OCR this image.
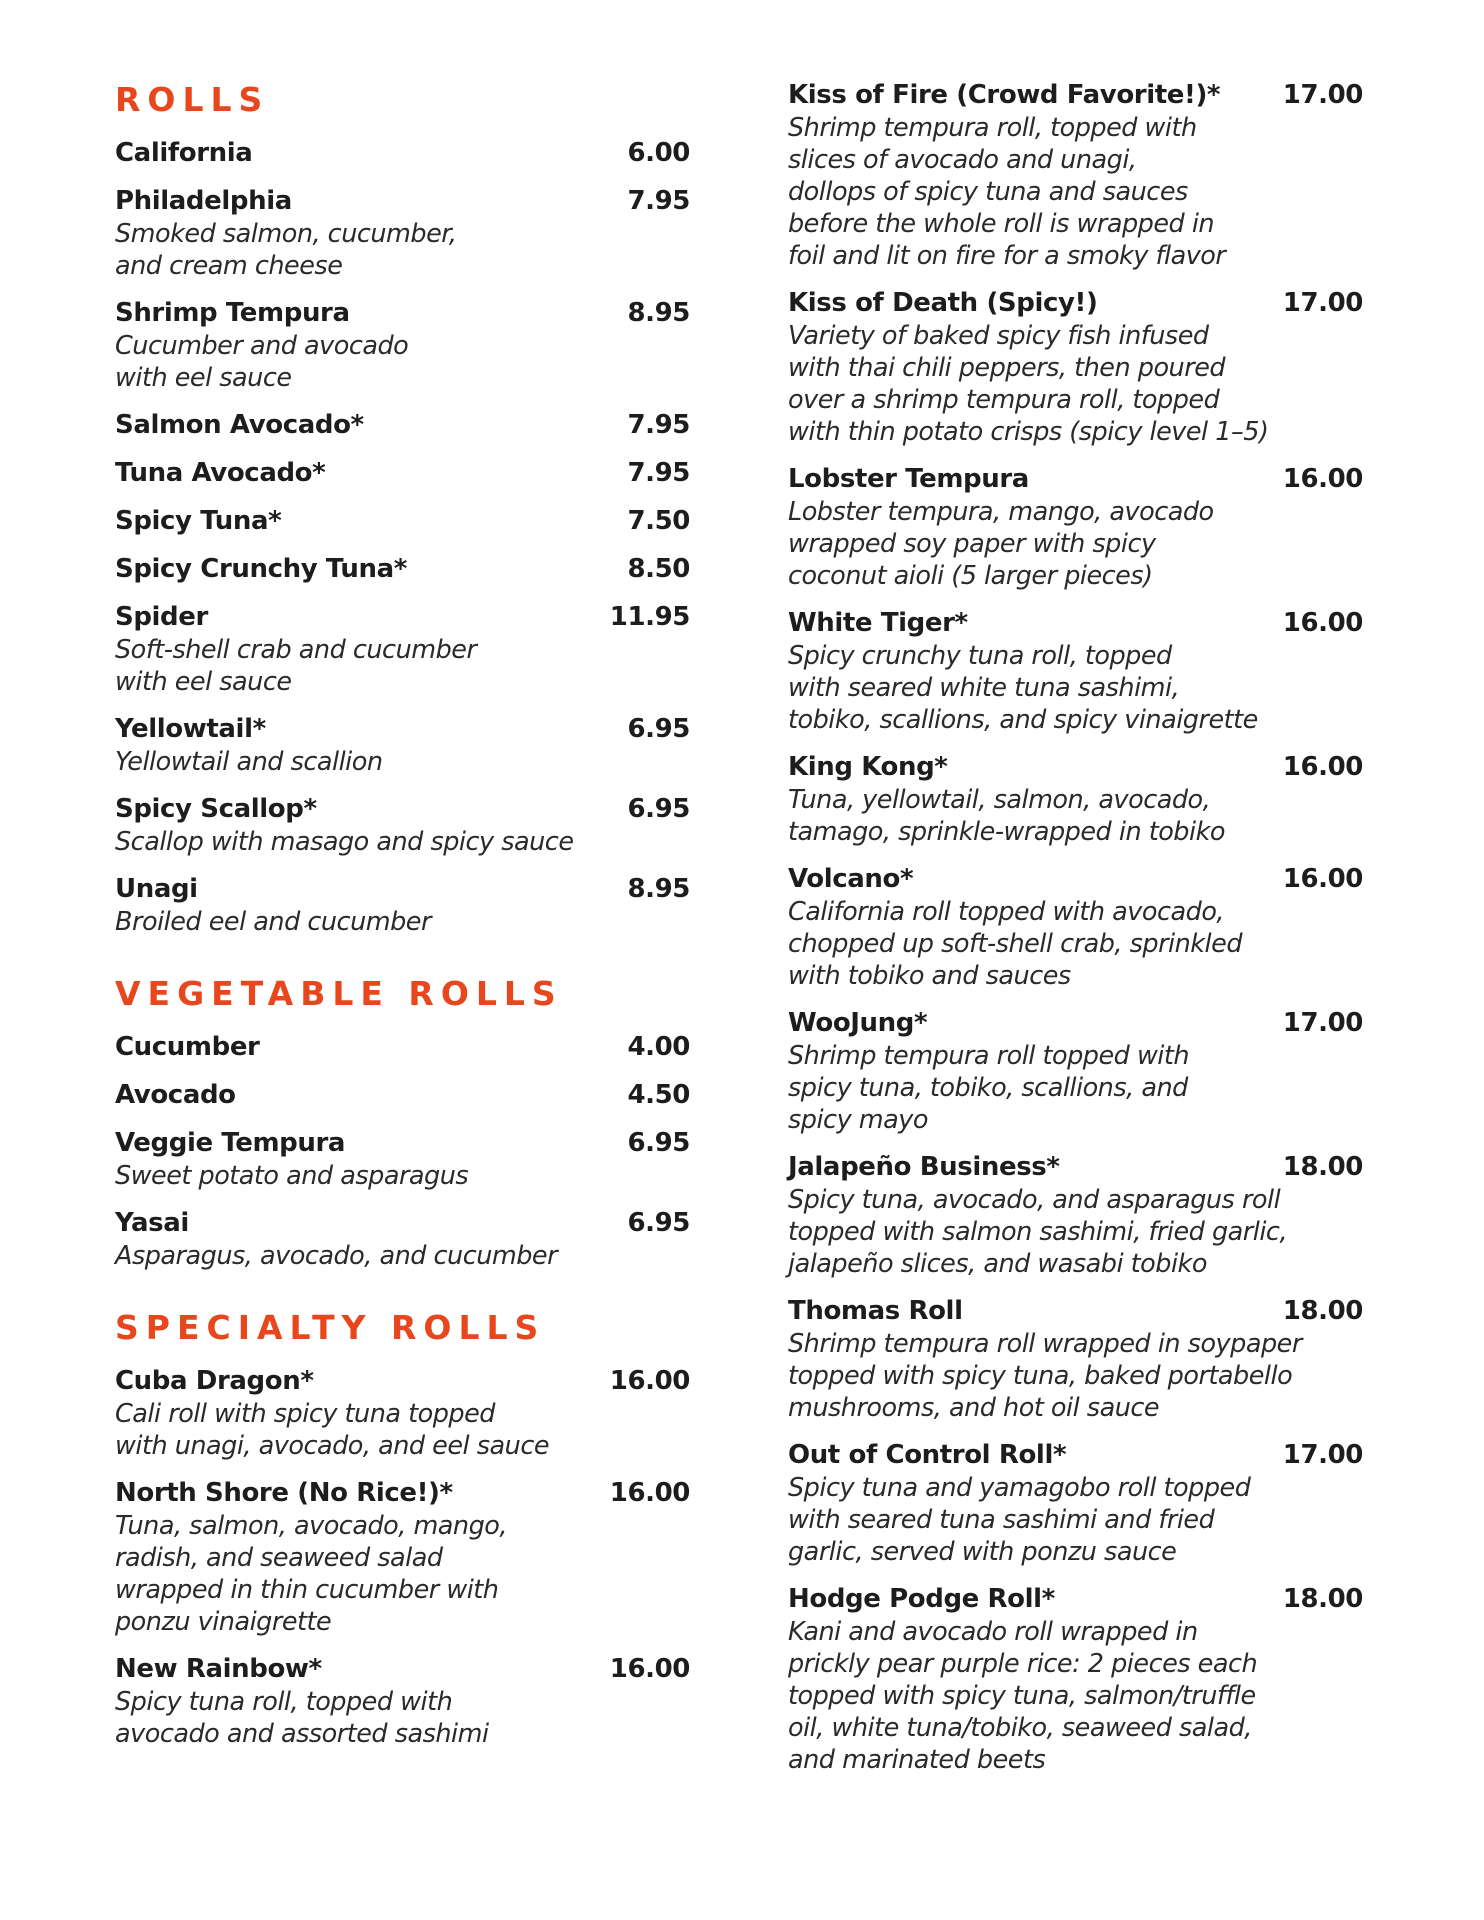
ROLLS
California	6.00
Philadelphia	7.95
Smoked salmon, cucumber,
and cream cheese
Shrimp Tempura	8.95
Cucumber and avocado
with eel sauce
Salmon Avocado*	7.95
Tuna Avocado*	7.95
Spicy Tuna*	7.50
Spicy Crunchy Tuna*	8.50
Spider	11.95
Soft-shell crab and cucumber
with eel sauce
Yellowtail*	6.95
Yellowtail and scallion
Spicy Scallop*	6.95
Scallop with masago and spicy sauce
Unagi	8.95
Broiled eel and cucumber
VEGETABLE ROLLS
Cucumber	4.00
Avocado	4.50
Veggie Tempura	6.95
Sweet potato and asparagus
Yasai	6.95
Asparagus, avocado, and cucumber
SPECIALTY ROLLS
Cuba Dragon*	16.00
Cali roll with spicy tuna topped
with unagi, avocado, and eel sauce
North Shore (No Rice!)*	16.00
Tuna, salmon, avocado, mango,
radish, and seaweed salad
wrapped in thin cucumber with
ponzu vinaigrette
New Rainbow*	16.00
Spicy tuna roll, topped with
avocado and assorted sashimi
Kiss of Fire (Crowd Favorite!)* 17.00
Shrimp tempura roll, topped with
slices of avocado and unagi,
dollops of spicy tuna and sauces
before the whole roll is wrapped in
foil and lit on fire for a smoky flavor
Kiss of Death (Spicy!)	17.00
Variety of baked spicy fish infused
with thai chili peppers, then poured
over a shrimp tempura roll, topped
with thin potato crisps (spicy level 1–5)
Lobster Tempura	16.00
Lobster tempura, mango, avocado
wrapped soy paper with spicy
coconut aioli (5 larger pieces)
White Tiger*	16.00
Spicy crunchy tuna roll, topped
with seared white tuna sashimi,
tobiko, scallions, and spicy vinaigrette
King Kong*	16.00
Tuna, yellowtail, salmon, avocado,
tamago, sprinkle-wrapped in tobiko
Volcano*	16.00
California roll topped with avocado,
chopped up soft-shell crab, sprinkled
with tobiko and sauces
WooJung*	17.00
Shrimp tempura roll topped with
spicy tuna, tobiko, scallions, and
spicy mayo
Jalapeño Business*	18.00
Spicy tuna, avocado, and asparagus roll
topped with salmon sashimi, fried garlic,
jalapeño slices, and wasabi tobiko
Thomas Roll	18.00
Shrimp tempura roll wrapped in soypaper
topped with spicy tuna, baked portabello
mushrooms, and hot oil sauce
Out of Control Roll*	17.00
Spicy tuna and yamagobo roll topped
with seared tuna sashimi and fried
garlic, served with ponzu sauce
Hodge Podge Roll*	18.00
Kani and avocado roll wrapped in
prickly pear purple rice: 2 pieces each
topped with spicy tuna, salmon/truffle
oil, white tuna/tobiko, seaweed salad,
and marinated beets
